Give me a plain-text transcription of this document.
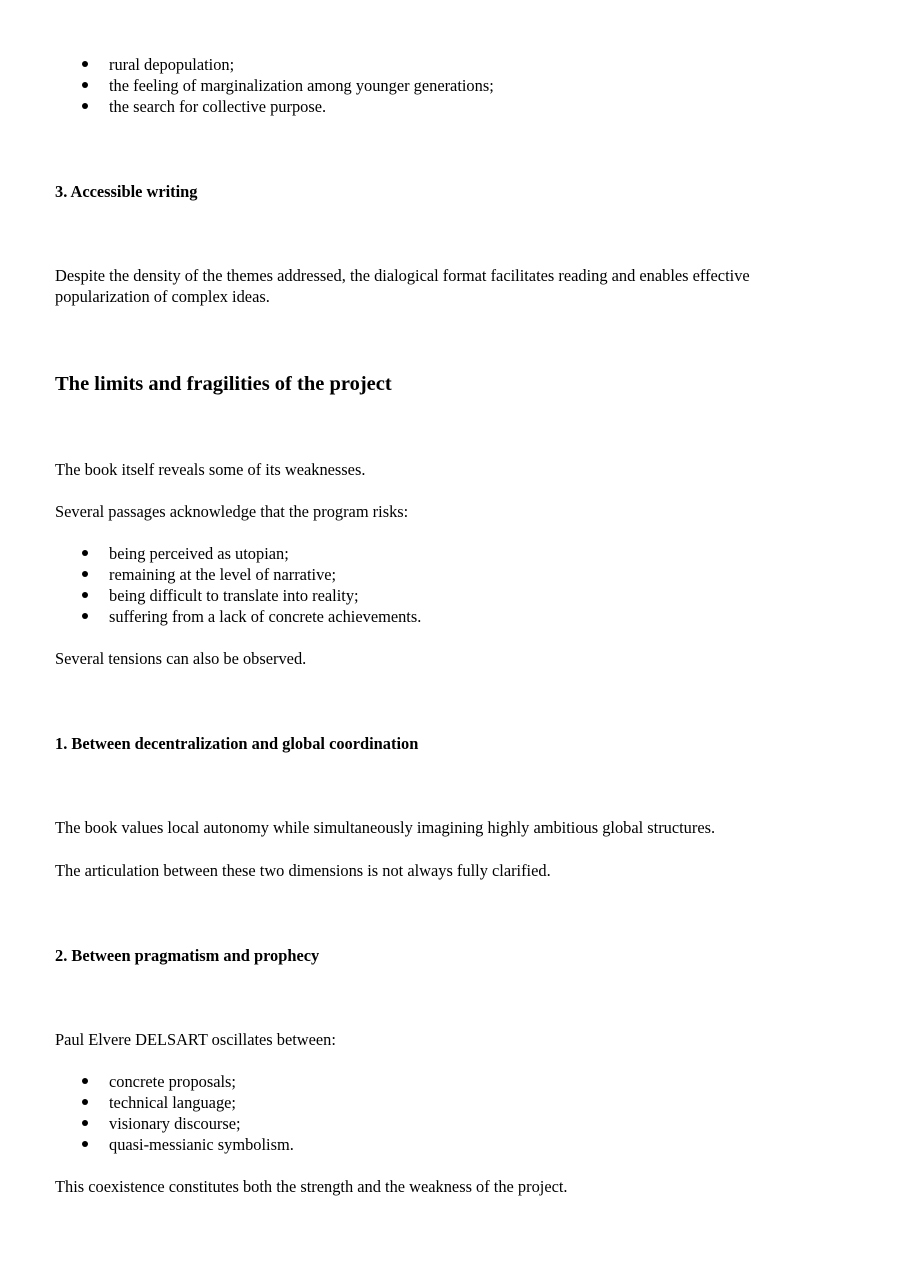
rural depopulation;
the feeling of marginalization among younger generations;
the search for collective purpose.

3. Accessible writing

Despite the density of the themes addressed, the dialogical format facilitates reading and enables effective popularization of complex ideas.

The limits and fragilities of the project

The book itself reveals some of its weaknesses.

Several passages acknowledge that the program risks:

being perceived as utopian;
remaining at the level of narrative;
being difficult to translate into reality;
suffering from a lack of concrete achievements.

Several tensions can also be observed.

1. Between decentralization and global coordination

The book values local autonomy while simultaneously imagining highly ambitious global structures.

The articulation between these two dimensions is not always fully clarified.

2. Between pragmatism and prophecy

Paul Elvere DELSART oscillates between:

concrete proposals;
technical language;
visionary discourse;
quasi-messianic symbolism.

This coexistence constitutes both the strength and the weakness of the project.
